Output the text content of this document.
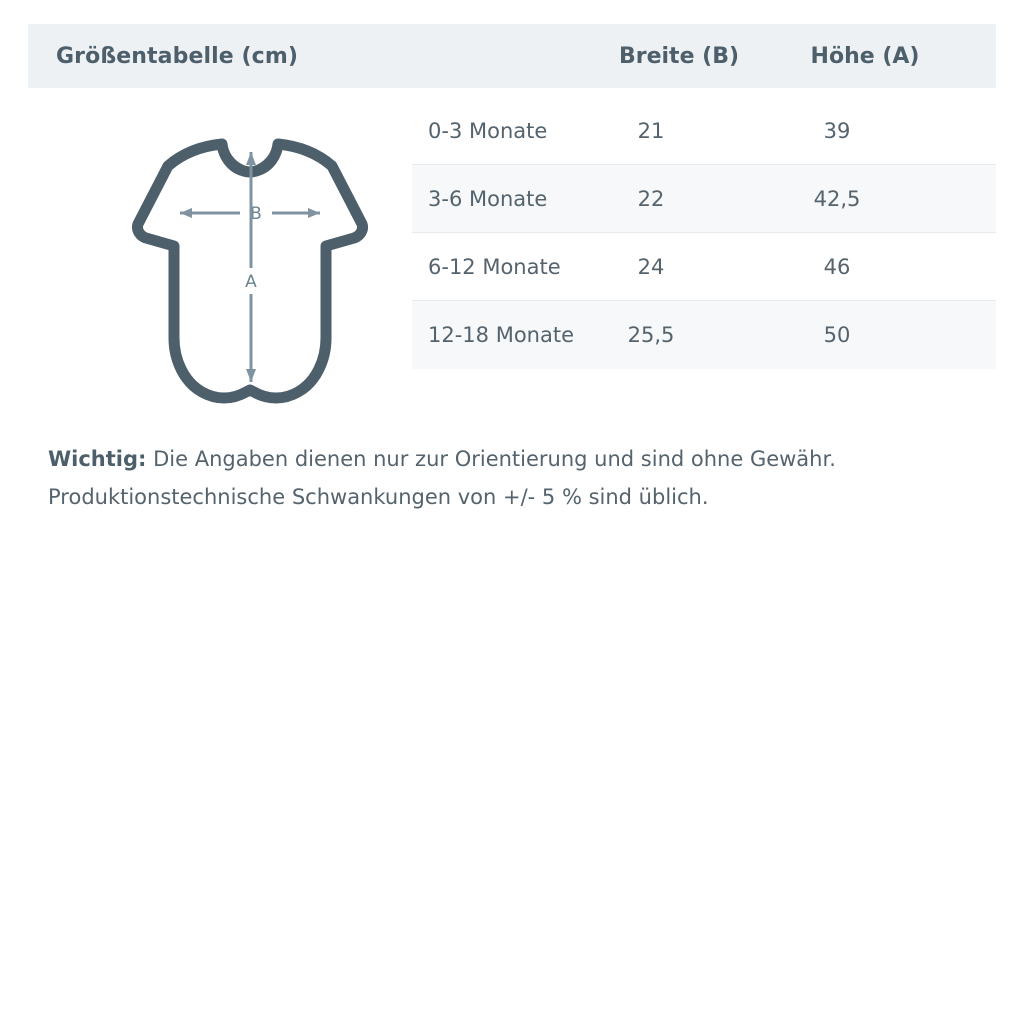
Größentabelle (cm)	Breite (B)	Höhe (A)
B
A
0-3 Monate	21	39
3-6 Monate	22	42,5
6-12 Monate	24	46
12-18 Monate	25,5	50
Wichtig: Die Angaben dienen nur zur Orientierung und sind ohne Gewähr.
Produktionstechnische Schwankungen von +/- 5 % sind üblich.
